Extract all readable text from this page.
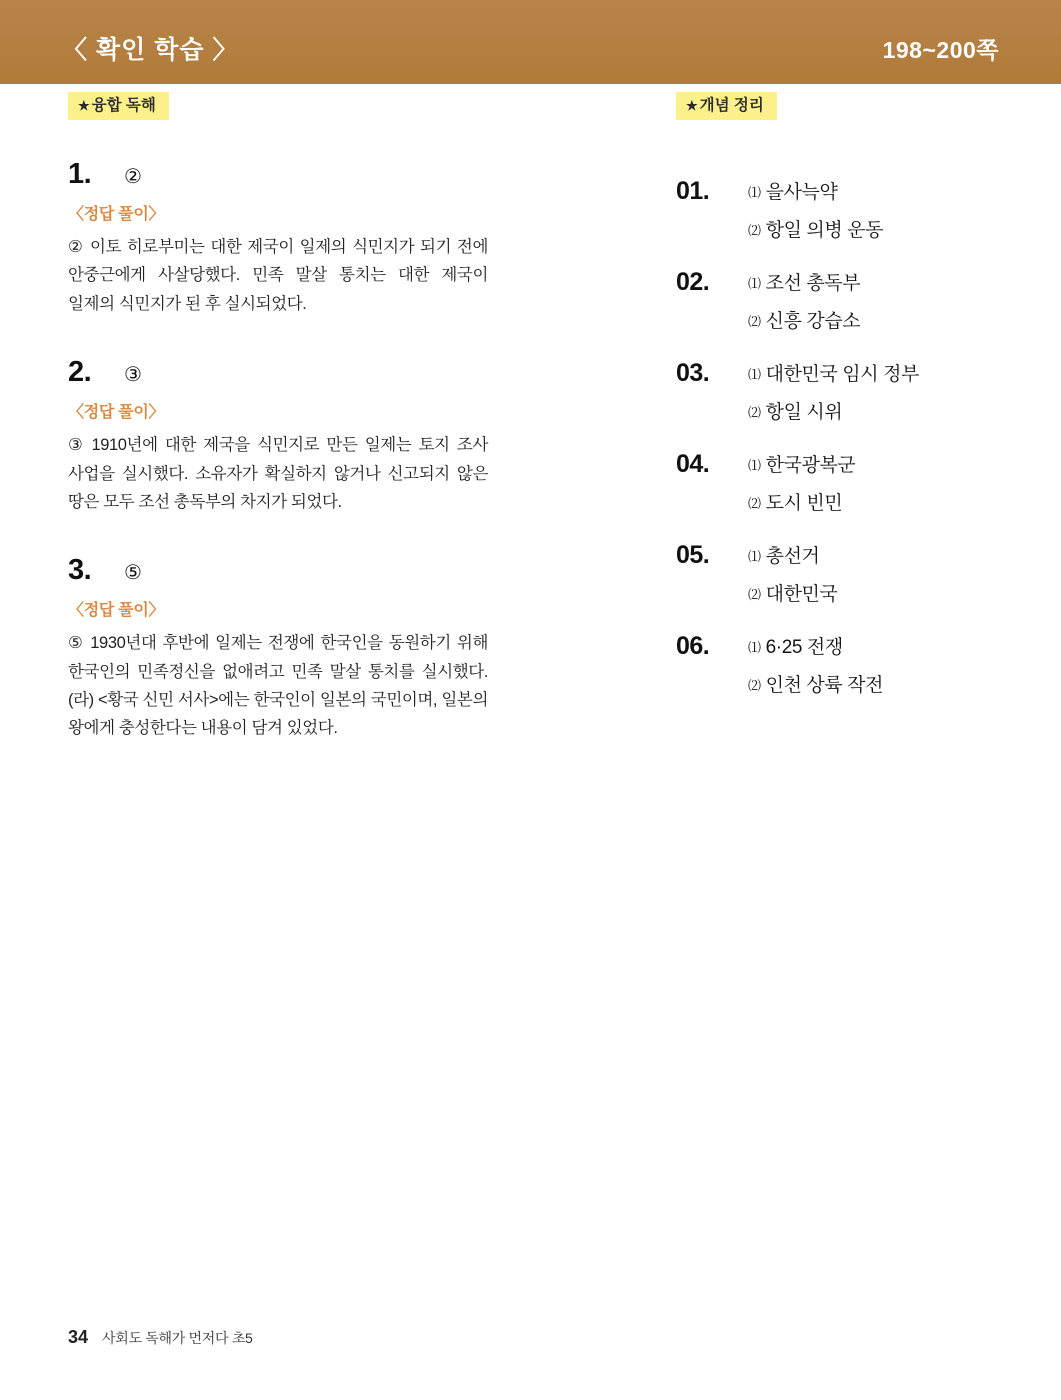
〈 확인 학습 〉	198~200쪽
★ 융합 독해
1.	②
〈정답 풀이〉
② 이토 히로부미는 대한 제국이 일제의 식민지가 되기 전에 안중근에게 사살당했다. 민족 말살 통치는 대한 제국이 일제의 식민지가 된 후 실시되었다.
2.	③
〈정답 풀이〉
③ 1910년에 대한 제국을 식민지로 만든 일제는 토지 조사 사업을 실시했다. 소유자가 확실하지 않거나 신고되지 않은 땅은 모두 조선 총독부의 차지가 되었다.
3.	⑤
〈정답 풀이〉
⑤ 1930년대 후반에 일제는 전쟁에 한국인을 동원하기 위해 한국인의 민족정신을 없애려고 민족 말살 통치를 실시했다. (라) <황국 신민 서사>에는 한국인이 일본의 국민이며, 일본의 왕에게 충성한다는 내용이 담겨 있었다.
★ 개념 정리
01.	⑴ 을사늑약
⑵ 항일 의병 운동
02.	⑴ 조선 총독부
⑵ 신흥 강습소
03.	⑴ 대한민국 임시 정부
⑵ 항일 시위
04.	⑴ 한국광복군
⑵ 도시 빈민
05.	⑴ 총선거
⑵ 대한민국
06.	⑴ 6·25 전쟁
⑵ 인천 상륙 작전
34 사회도 독해가 먼저다 초5
